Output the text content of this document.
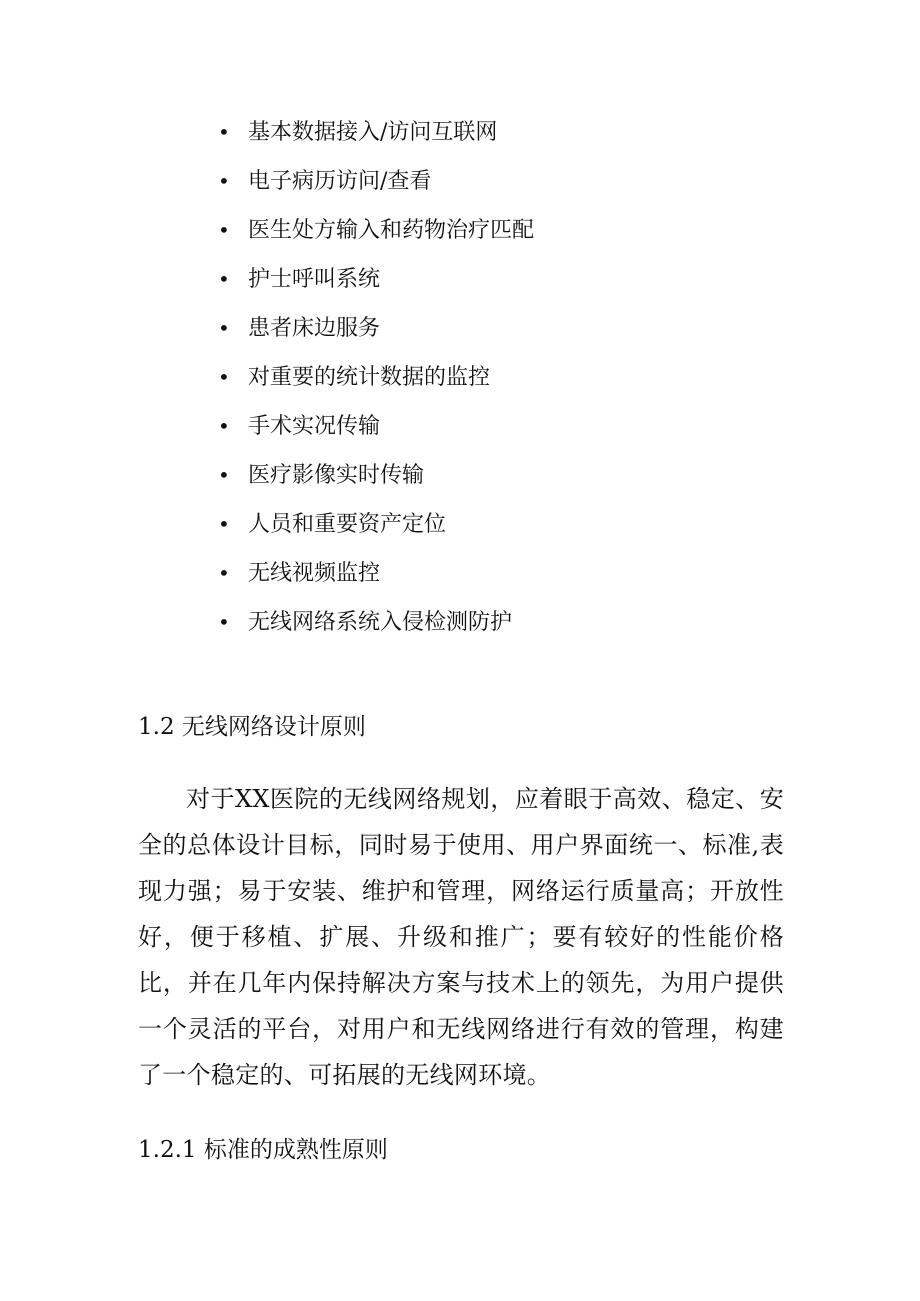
• 基本数据接入/访问互联网
• 电子病历访问/查看
• 医生处方输入和药物治疗匹配
• 护士呼叫系统
• 患者床边服务
• 对重要的统计数据的监控
• 手术实况传输
• 医疗影像实时传输
• 人员和重要资产定位
• 无线视频监控
• 无线网络系统入侵检测防护
1.2 无线网络设计原则

对于XX医院的无线网络规划，应着眼于高效、稳定、安全的总体设计目标，同时易于使用、用户界面统一、标准,表现力强；易于安装、维护和管理，网络运行质量高；开放性好，便于移植、扩展、升级和推广；要有较好的性能价格比，并在几年内保持解决方案与技术上的领先，为用户提供一个灵活的平台，对用户和无线网络进行有效的管理，构建了一个稳定的、可拓展的无线网环境。

1.2.1 标准的成熟性原则
